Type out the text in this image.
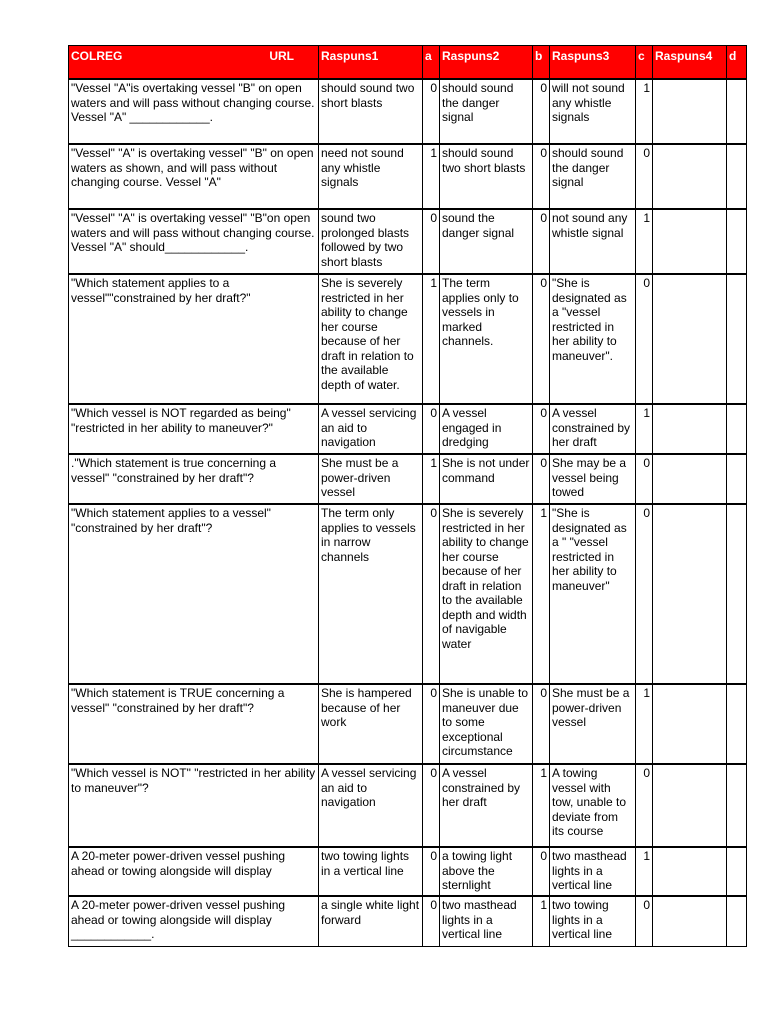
COLREG URL	Raspuns1	a	Raspuns2	b	Raspuns3	c	Raspuns4	d
"Vessel "A"is overtaking vessel "B" on open waters and will pass without changing course. Vessel "A" ____________.	should sound two short blasts	0	should sound the danger signal	0	will not sound any whistle signals	1		
"Vessel" "A" is overtaking vessel" "B" on open waters as shown, and will pass without changing course. Vessel "A"	need not sound any whistle signals	1	should sound two short blasts	0	should sound the danger signal	0		
"Vessel" "A" is overtaking vessel" "B"on open waters and will pass without changing course. Vessel "A" should____________.	sound two prolonged blasts followed by two short blasts	0	sound the danger signal	0	not sound any whistle signal	1		
"Which statement applies to a vessel""constrained by her draft?"	She is severely restricted in her ability to change her course because of her draft in relation to the available depth of water.	1	The term applies only to vessels in marked channels.	0	"She is designated as a "vessel restricted in her ability to maneuver".	0		
"Which vessel is NOT regarded as being" "restricted in her ability to maneuver?"	A vessel servicing an aid to navigation	0	A vessel engaged in dredging	0	A vessel constrained by her draft	1		
."Which statement is true concerning a vessel" "constrained by her draft"?	She must be a power-driven vessel	1	She is not under command	0	She may be a vessel being towed	0		
"Which statement applies to a vessel" "constrained by her draft"?	The term only applies to vessels in narrow channels	0	She is severely restricted in her ability to change her course because of her draft in relation to the available depth and width of navigable water	1	"She is designated as a " "vessel restricted in her ability to maneuver"	0		
"Which statement is TRUE concerning a vessel" "constrained by her draft"?	She is hampered because of her work	0	She is unable to maneuver due to some exceptional circumstance	0	She must be a power-driven vessel	1		
"Which vessel is NOT" "restricted in her ability to maneuver"?	A vessel servicing an aid to navigation	0	A vessel constrained by her draft	1	A towing vessel with tow, unable to deviate from its course	0		
A 20-meter power-driven vessel pushing ahead or towing alongside will display	two towing lights in a vertical line	0	a towing light above the sternlight	0	two masthead lights in a vertical line	1		
A 20-meter power-driven vessel pushing ahead or towing alongside will display ____________.	a single white light forward	0	two masthead lights in a vertical line	1	two towing lights in a vertical line	0		
